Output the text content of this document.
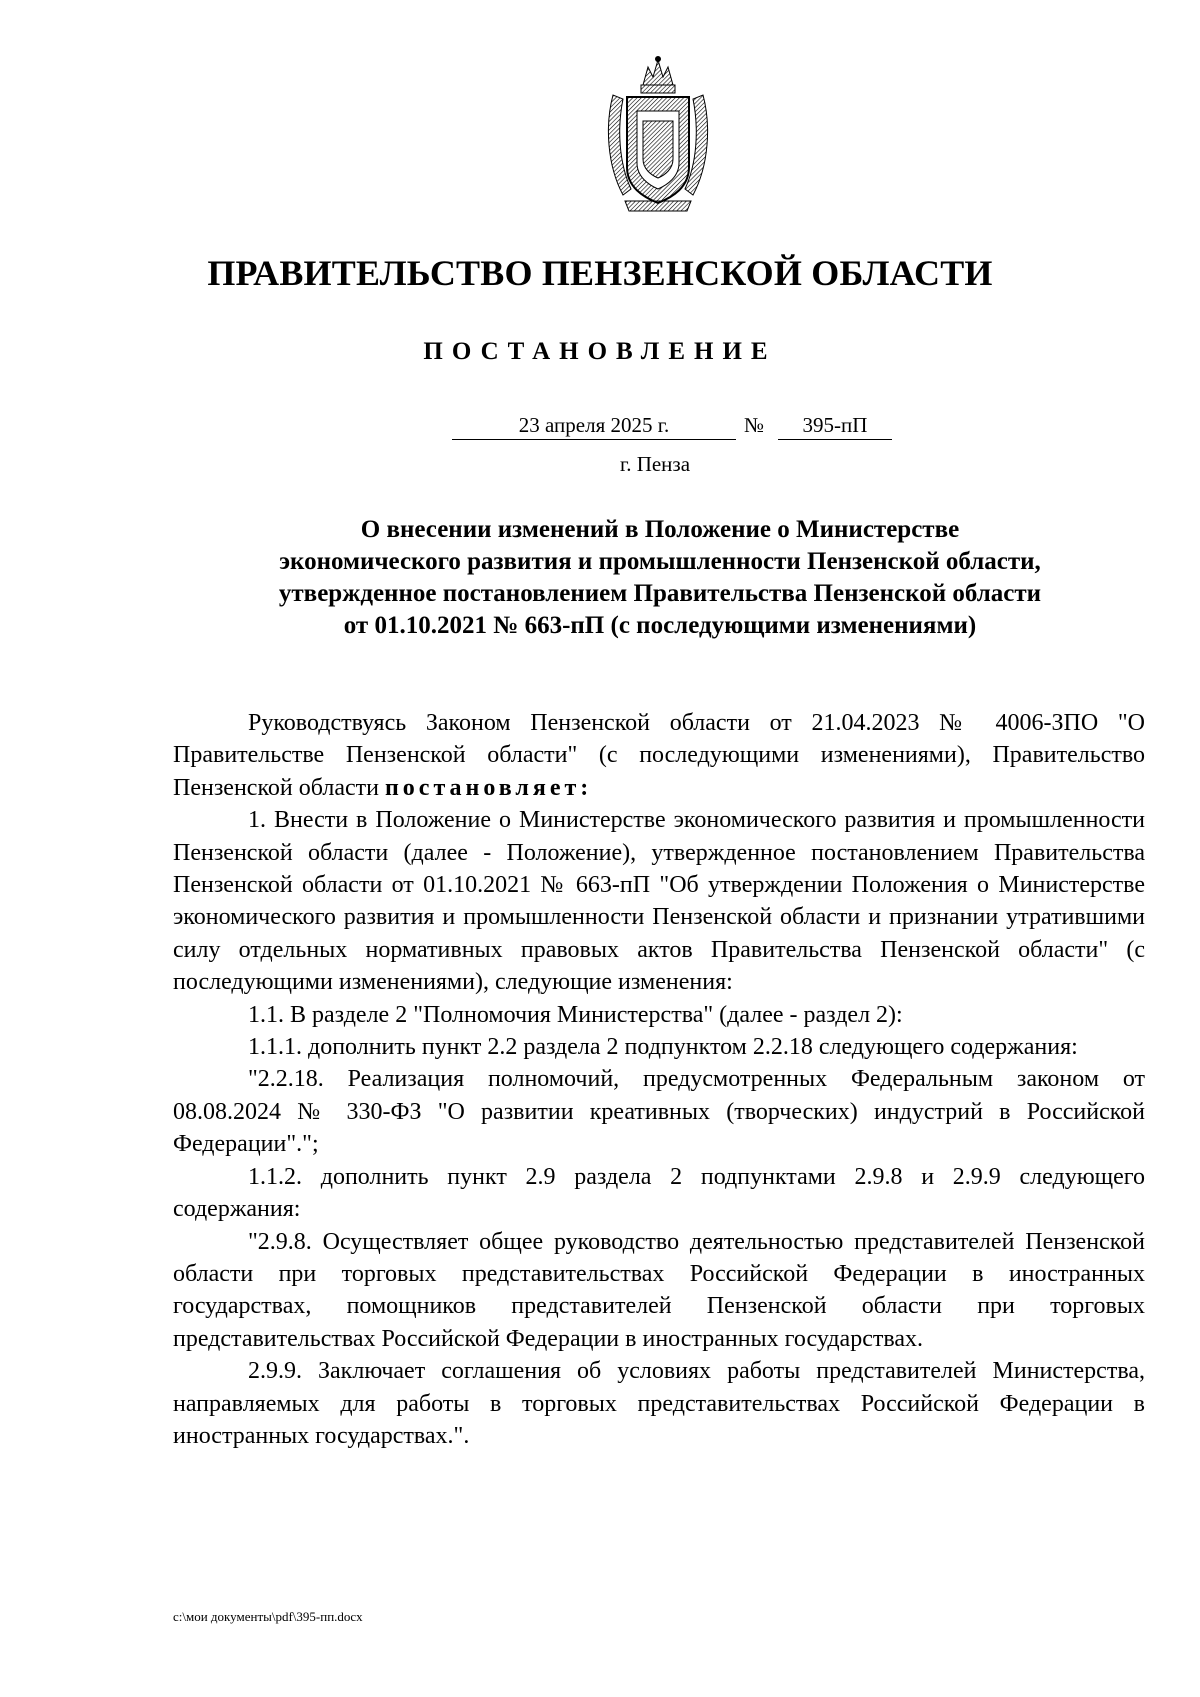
ПРАВИТЕЛЬСТВО ПЕНЗЕНСКОЙ ОБЛАСТИ
ПОСТАНОВЛЕНИЕ
23 апреля 2025 г.	№	395-пП
г. Пенза
О внесении изменений в Положение о Министерстве
экономического развития и промышленности Пензенской области,
утвержденное постановлением Правительства Пензенской области
от 01.10.2021 № 663-пП (с последующими изменениями)

Руководствуясь Законом Пензенской области от 21.04.2023 № 4006-ЗПО "О Правительстве Пензенской области" (с последующими изменениями), Правительство Пензенской области постановляет:

1. Внести в Положение о Министерстве экономического развития и промышленности Пензенской области (далее - Положение), утвержденное постановлением Правительства Пензенской области от 01.10.2021 № 663-пП "Об утверждении Положения о Министерстве экономического развития и промышленности Пензенской области и признании утратившими силу отдельных нормативных правовых актов Правительства Пензенской области" (с последующими изменениями), следующие изменения:

1.1. В разделе 2 "Полномочия Министерства" (далее - раздел 2):

1.1.1. дополнить пункт 2.2 раздела 2 подпунктом 2.2.18 следующего содержания:

"2.2.18. Реализация полномочий, предусмотренных Федеральным законом от 08.08.2024 № 330-ФЗ "О развитии креативных (творческих) индустрий в Российской Федерации".";

1.1.2. дополнить пункт 2.9 раздела 2 подпунктами 2.9.8 и 2.9.9 следующего содержания:

"2.9.8. Осуществляет общее руководство деятельностью представителей Пензенской области при торговых представительствах Российской Федерации в иностранных государствах, помощников представителей Пензенской области при торговых представительствах Российской Федерации в иностранных государствах.

2.9.9. Заключает соглашения об условиях работы представителей Министерства, направляемых для работы в торговых представительствах Российской Федерации в иностранных государствах.".

c:\мои документы\pdf\395-пп.docx
